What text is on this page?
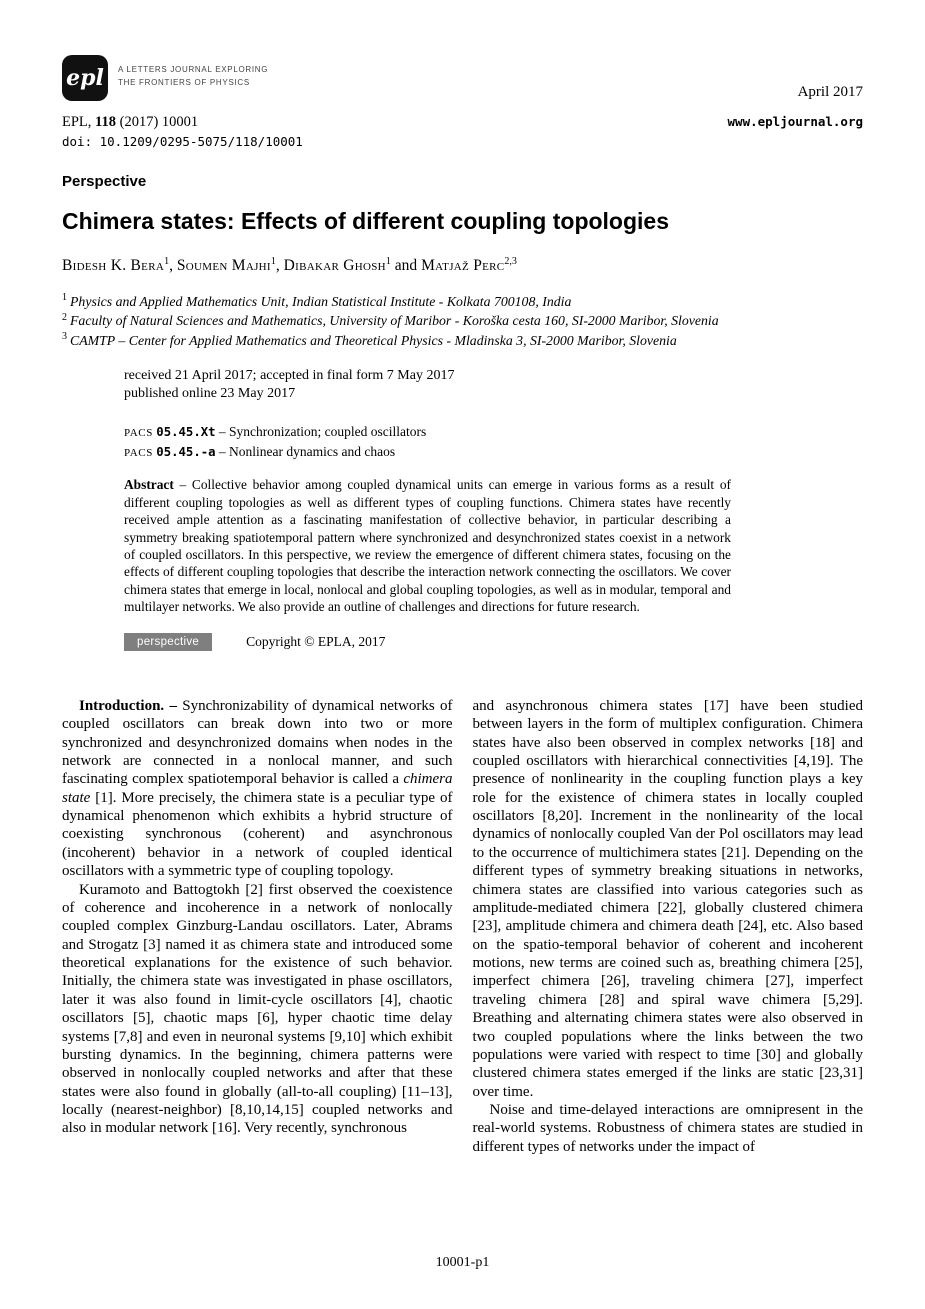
epl A LETTERS JOURNAL EXPLORING
THE FRONTIERS OF PHYSICS
April 2017
EPL, 118 (2017) 10001	www.epljournal.org
doi: 10.1209/0295-5075/118/10001
Perspective
Chimera states: Effects of different coupling topologies
Bidesh K. Bera$^1$, Soumen Majhi$^1$, Dibakar Ghosh$^1$ and Matjaž Perc$^{2,3}$
$^1$ Physics and Applied Mathematics Unit, Indian Statistical Institute - Kolkata 700108, India
$^2$ Faculty of Natural Sciences and Mathematics, University of Maribor - Koroška cesta 160, SI-2000 Maribor, Slovenia
$^3$ CAMTP – Center for Applied Mathematics and Theoretical Physics - Mladinska 3, SI-2000 Maribor, Slovenia
received 21 April 2017; accepted in final form 7 May 2017
published online 23 May 2017
PACS 05.45.Xt – Synchronization; coupled oscillators
PACS 05.45.-a – Nonlinear dynamics and chaos
Abstract – Collective behavior among coupled dynamical units can emerge in various forms as a result of different coupling topologies as well as different types of coupling functions. Chimera states have recently received ample attention as a fascinating manifestation of collective behavior, in particular describing a symmetry breaking spatiotemporal pattern where synchronized and desynchronized states coexist in a network of coupled oscillators. In this perspective, we review the emergence of different chimera states, focusing on the effects of different coupling topologies that describe the interaction network connecting the oscillators. We cover chimera states that emerge in local, nonlocal and global coupling topologies, as well as in modular, temporal and multilayer networks. We also provide an outline of challenges and directions for future research.
perspective	Copyright © EPLA, 2017

Introduction. – Synchronizability of dynamical networks of coupled oscillators can break down into two or more synchronized and desynchronized domains when nodes in the network are connected in a nonlocal manner, and such fascinating complex spatiotemporal behavior is called a chimera state [1]. More precisely, the chimera state is a peculiar type of dynamical phenomenon which exhibits a hybrid structure of coexisting synchronous (coherent) and asynchronous (incoherent) behavior in a network of coupled identical oscillators with a symmetric type of coupling topology.

Kuramoto and Battogtokh [2] first observed the coexistence of coherence and incoherence in a network of nonlocally coupled complex Ginzburg-Landau oscillators. Later, Abrams and Strogatz [3] named it as chimera state and introduced some theoretical explanations for the existence of such behavior. Initially, the chimera state was investigated in phase oscillators, later it was also found in limit-cycle oscillators [4], chaotic oscillators [5], chaotic maps [6], hyper chaotic time delay systems [7,8] and even in neuronal systems [9,10] which exhibit bursting dynamics. In the beginning, chimera patterns were observed in nonlocally coupled networks and after that these states were also found in globally (all-to-all coupling) [11–13], locally (nearest-neighbor) [8,10,14,15] coupled networks and also in modular network [16]. Very recently, synchronous

and asynchronous chimera states [17] have been studied between layers in the form of multiplex configuration. Chimera states have also been observed in complex networks [18] and coupled oscillators with hierarchical connectivities [4,19]. The presence of nonlinearity in the coupling function plays a key role for the existence of chimera states in locally coupled oscillators [8,20]. Increment in the nonlinearity of the local dynamics of nonlocally coupled Van der Pol oscillators may lead to the occurrence of multichimera states [21]. Depending on the different types of symmetry breaking situations in networks, chimera states are classified into various categories such as amplitude-mediated chimera [22], globally clustered chimera [23], amplitude chimera and chimera death [24], etc. Also based on the spatio-temporal behavior of coherent and incoherent motions, new terms are coined such as, breathing chimera [25], imperfect chimera [26], traveling chimera [27], imperfect traveling chimera [28] and spiral wave chimera [5,29]. Breathing and alternating chimera states were also observed in two coupled populations where the links between the two populations were varied with respect to time [30] and globally clustered chimera states emerged if the links are static [23,31] over time.

Noise and time-delayed interactions are omnipresent in the real-world systems. Robustness of chimera states are studied in different types of networks under the impact of

10001-p1
